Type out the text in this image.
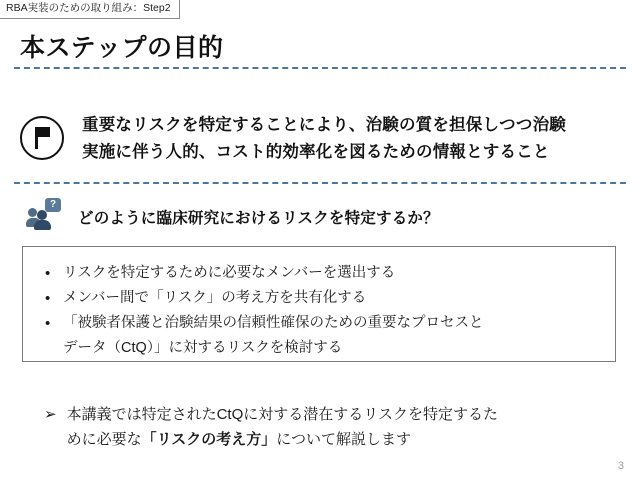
RBA実装のための取り組み：Step2
本ステップの目的
重要なリスクを特定することにより、治験の質を担保しつつ治験
実施に伴う人的、コスト的効率化を図るための情報とすること
?
どのように臨床研究におけるリスクを特定するか？
• リスクを特定するために必要なメンバーを選出する
• メンバー間で「リスク」の考え方を共有化する
• 「被験者保護と治験結果の信頼性確保のための重要なプロセスと
データ（CtQ）」に対するリスクを検討する
➢ 本講義では特定されたCtQに対する潜在するリスクを特定するた
めに必要な「リスクの考え方」について解説します
3
